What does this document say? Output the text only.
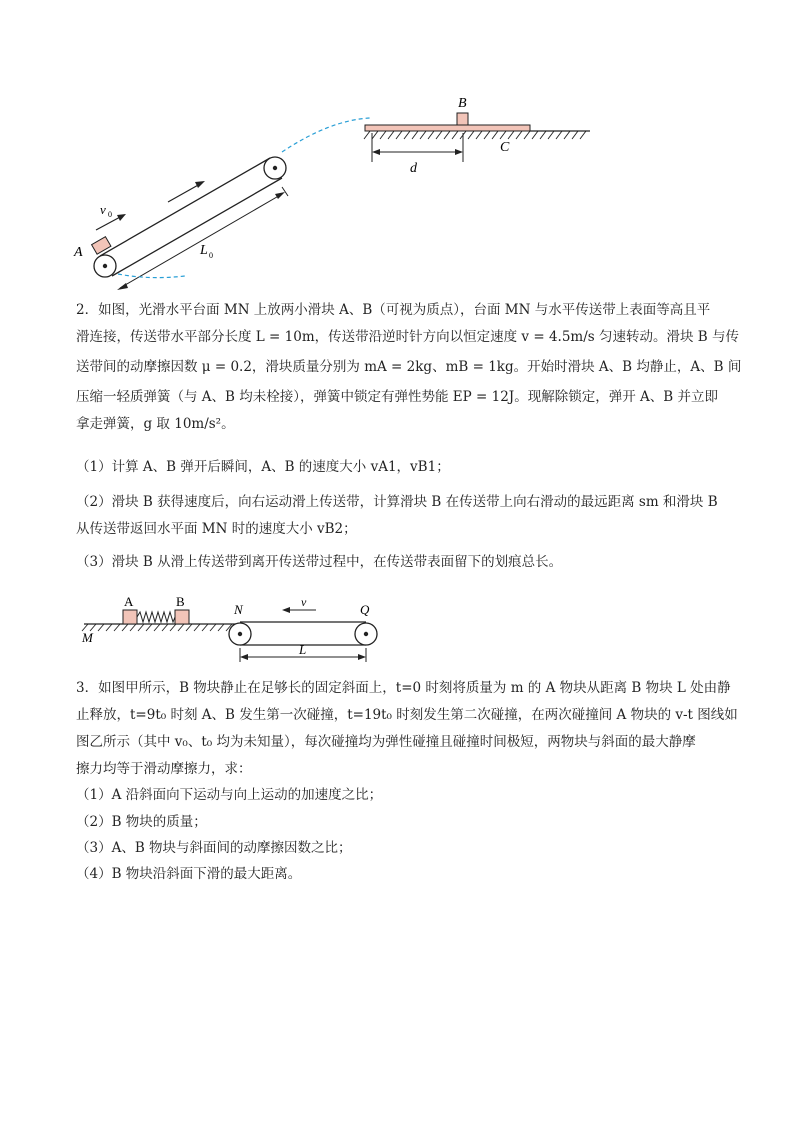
B
C
d
A
v 0
L 0

2．如图，光滑水平台面 MN 上放两小滑块 A、B（可视为质点），台面 MN 与水平传送带上表面等高且平

滑连接，传送带水平部分长度 L = 10m，传送带沿逆时针方向以恒定速度 v = 4.5m/s 匀速转动。滑块 B 与传

送带间的动摩擦因数 μ = 0.2，滑块质量分别为 mA = 2kg、mB = 1kg。开始时滑块 A、B 均静止，A、B 间

压缩一轻质弹簧（与 A、B 均未栓接），弹簧中锁定有弹性势能 EP = 12J。现解除锁定，弹开 A、B 并立即

拿走弹簧，g 取 10m/s²。

（1）计算 A、B 弹开后瞬间，A、B 的速度大小 vA1，vB1；

（2）滑块 B 获得速度后，向右运动滑上传送带，计算滑块 B 在传送带上向右滑动的最远距离 sm 和滑块 B

从传送带返回水平面 MN 时的速度大小 vB2；

（3）滑块 B 从滑上传送带到离开传送带过程中，在传送带表面留下的划痕总长。

A	B
N	Q
M
v
L

3．如图甲所示，B 物块静止在足够长的固定斜面上，t=0 时刻将质量为 m 的 A 物块从距离 B 物块 L 处由静

止释放，t=9t₀ 时刻 A、B 发生第一次碰撞，t=19t₀ 时刻发生第二次碰撞，在两次碰撞间 A 物块的 v-t 图线如

图乙所示（其中 v₀、t₀ 均为未知量），每次碰撞均为弹性碰撞且碰撞时间极短，两物块与斜面的最大静摩

擦力均等于滑动摩擦力，求：

（1）A 沿斜面向下运动与向上运动的加速度之比；

（2）B 物块的质量；

（3）A、B 物块与斜面间的动摩擦因数之比；

（4）B 物块沿斜面下滑的最大距离。
